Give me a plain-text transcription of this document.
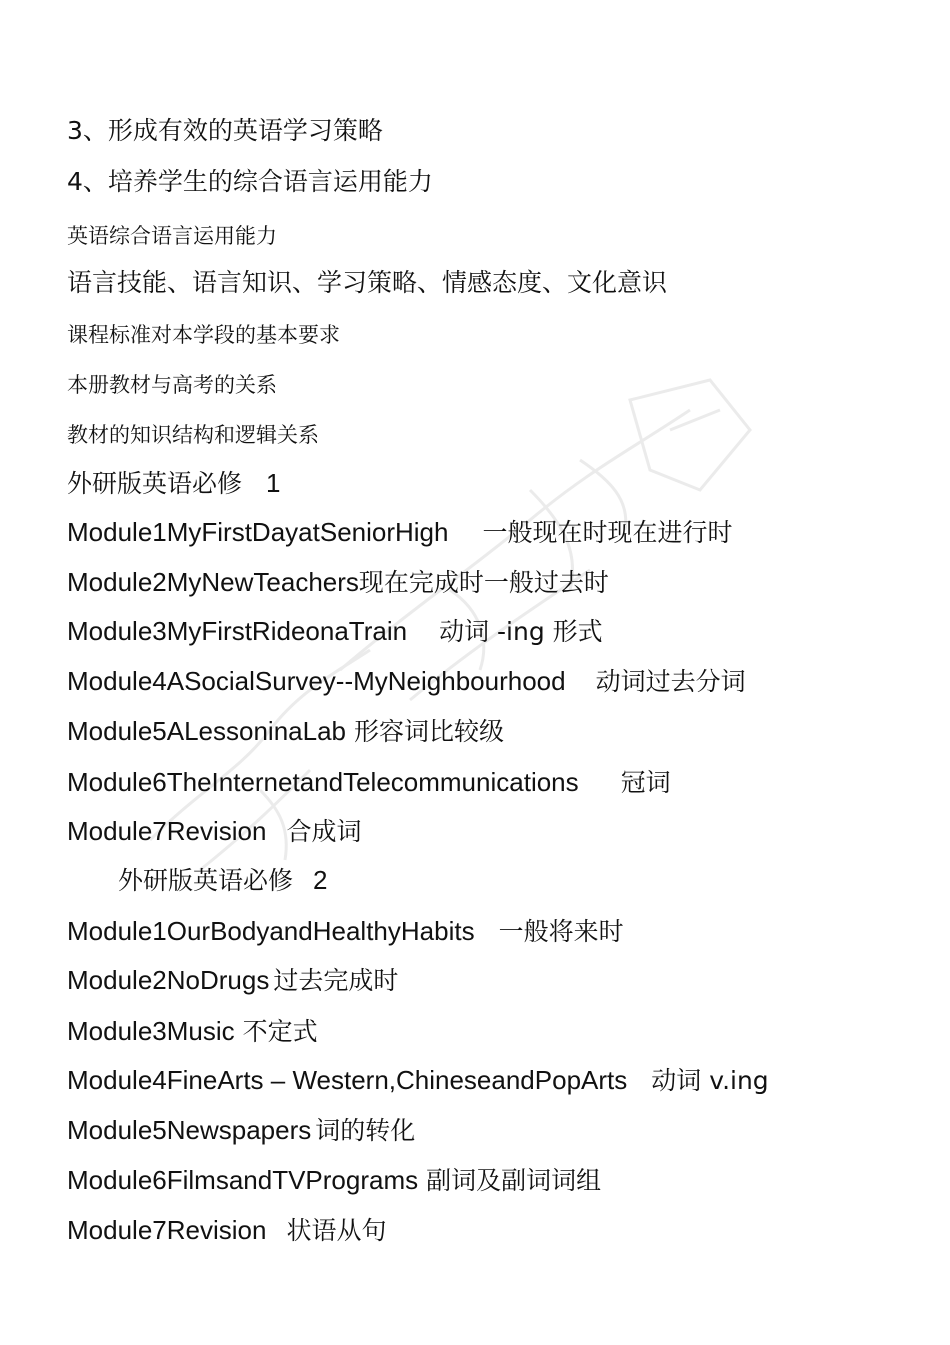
3、形成有效的英语学习策略
4、培养学生的综合语言运用能力
英语综合语言运用能力
语言技能、语言知识、学习策略、情感态度、文化意识
课程标准对本学段的基本要求
本册教材与高考的关系
教材的知识结构和逻辑关系
外研版英语必修 1
Module1MyFirstDayatSeniorHigh 一般现在时现在进行时
Module2MyNewTeachers现在完成时一般过去时
Module3MyFirstRideonaTrain 动词 -ing 形式
Module4ASocialSurvey--MyNeighbourhood 动词过去分词
Module5ALessoninaLab 形容词比较级
Module6TheInternetandTelecommunications 冠词
Module7Revision 合成词
外研版英语必修 2
Module1OurBodyandHealthyHabits 一般将来时
Module2NoDrugs 过去完成时
Module3Music 不定式
Module4FineArts – Western,ChineseandPopArts 动词 v.ing
Module5Newspapers 词的转化
Module6FilmsandTVPrograms 副词及副词词组
Module7Revision 状语从句
